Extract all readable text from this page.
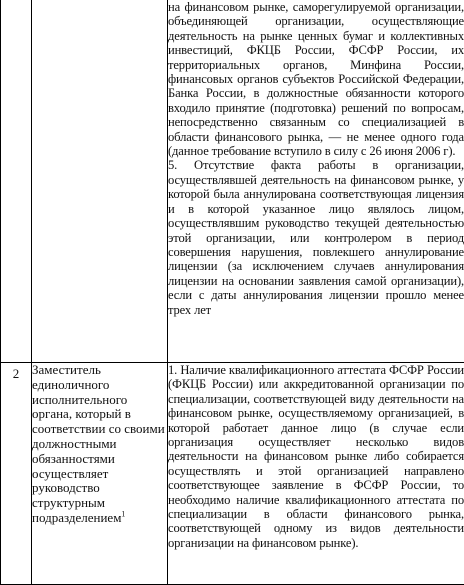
		на финансовом рынке, саморегулируемой организации, объединяющей организации, осуществляющие деятельность на рынке ценных бумаг и коллективных инвестиций, ФКЦБ России, ФСФР России, их территориальных органов, Минфина России, финансовых органов субъектов Российской Федерации, Банка России, в должностные обязанности которого входило принятие (подготовка) решений по вопросам, непосредственно связанным со специализацией в области финансового рынка, — не менее одного года (данное требование вступило в силу с 26 июня 2006 г).

5. Отсутствие факта работы в организации, осуществлявшей деятельность на финансовом рынке, у которой была аннулирована соответствующая лицензия и в которой указанное лицо являлось лицом, осуществлявшим руководство текущей деятельностью этой организации, или контролером в период совершения нарушения, повлекшего аннулирование лицензии (за исключением случаев аннулирования лицензии на основании заявления самой организации), если с даты аннулирования лицензии прошло менее трех лет

2	Заместитель единоличного исполнительного органа, который в соответствии со своими должностными обязанностями осуществляет руководство структурным подразделением$^1$	1. Наличие квалификационного аттестата ФСФР России (ФКЦБ России) или аккредитованной организации по специализации, соответствующей виду деятельности на финансовом рынке, осуществляемому организацией, в которой работает данное лицо (в случае если организация осуществляет несколько видов деятельности на финансовом рынке либо собирается осуществлять и этой организацией направлено соответствующее заявление в ФСФР России, то необходимо наличие квалификационного аттестата по специализации в области финансового рынка, соответствующей одному из видов деятельности организации на финансовом рынке).
